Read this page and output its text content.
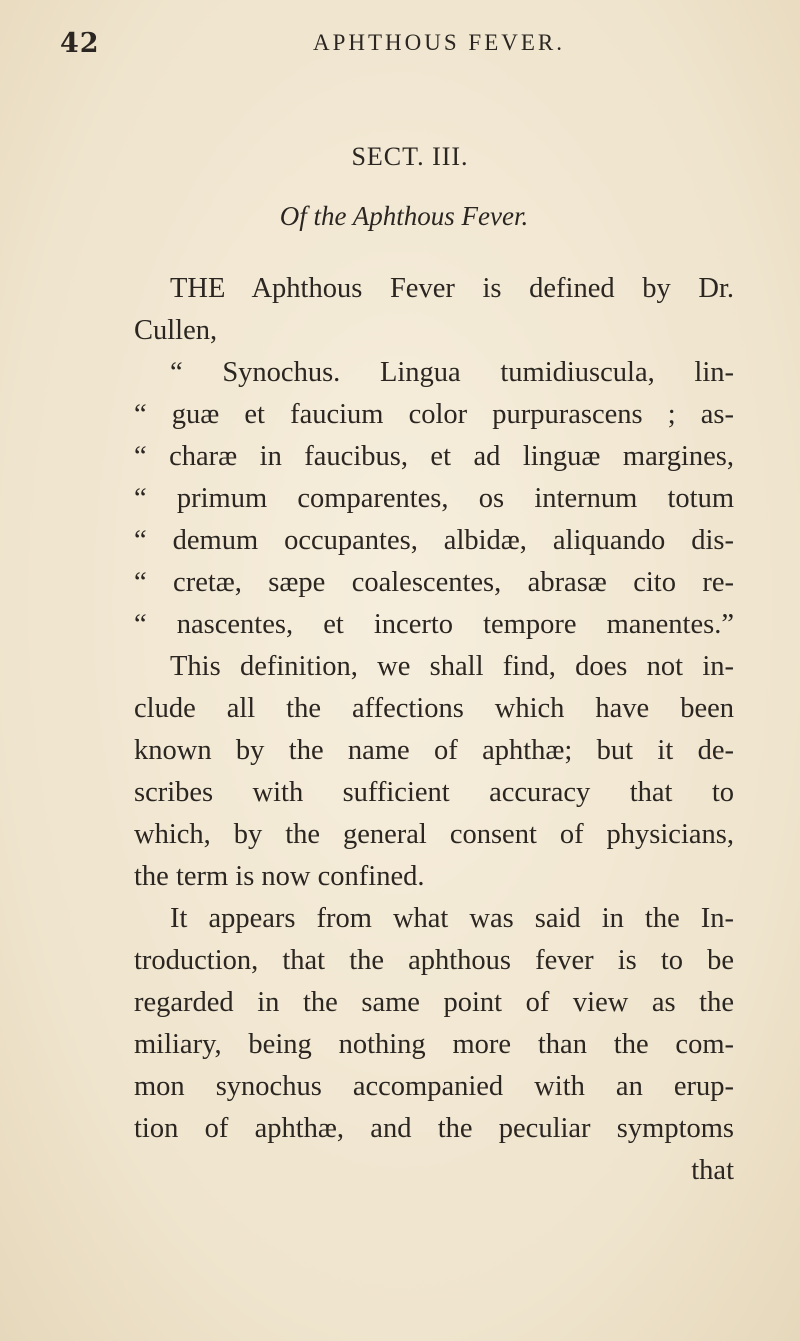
42	APHTHOUS FEVER.
SECT. III.
Of the Aphthous Fever.
THE Aphthous Fever is defined by Dr.
Cullen,
“ Synochus. Lingua tumidiuscula, lin-
“ guæ et faucium color purpurascens ; as-
“ charæ in faucibus, et ad linguæ margines,
“ primum comparentes, os internum totum
“ demum occupantes, albidæ, aliquando dis-
“ cretæ, sæpe coalescentes, abrasæ cito re-
“ nascentes, et incerto tempore manentes.”
This definition, we shall find, does not in-
clude all the affections which have been
known by the name of aphthæ; but it de-
scribes with sufficient accuracy that to
which, by the general consent of physicians,
the term is now confined.
It appears from what was said in the In-
troduction, that the aphthous fever is to be
regarded in the same point of view as the
miliary, being nothing more than the com-
mon synochus accompanied with an erup-
tion of aphthæ, and the peculiar symptoms
that
